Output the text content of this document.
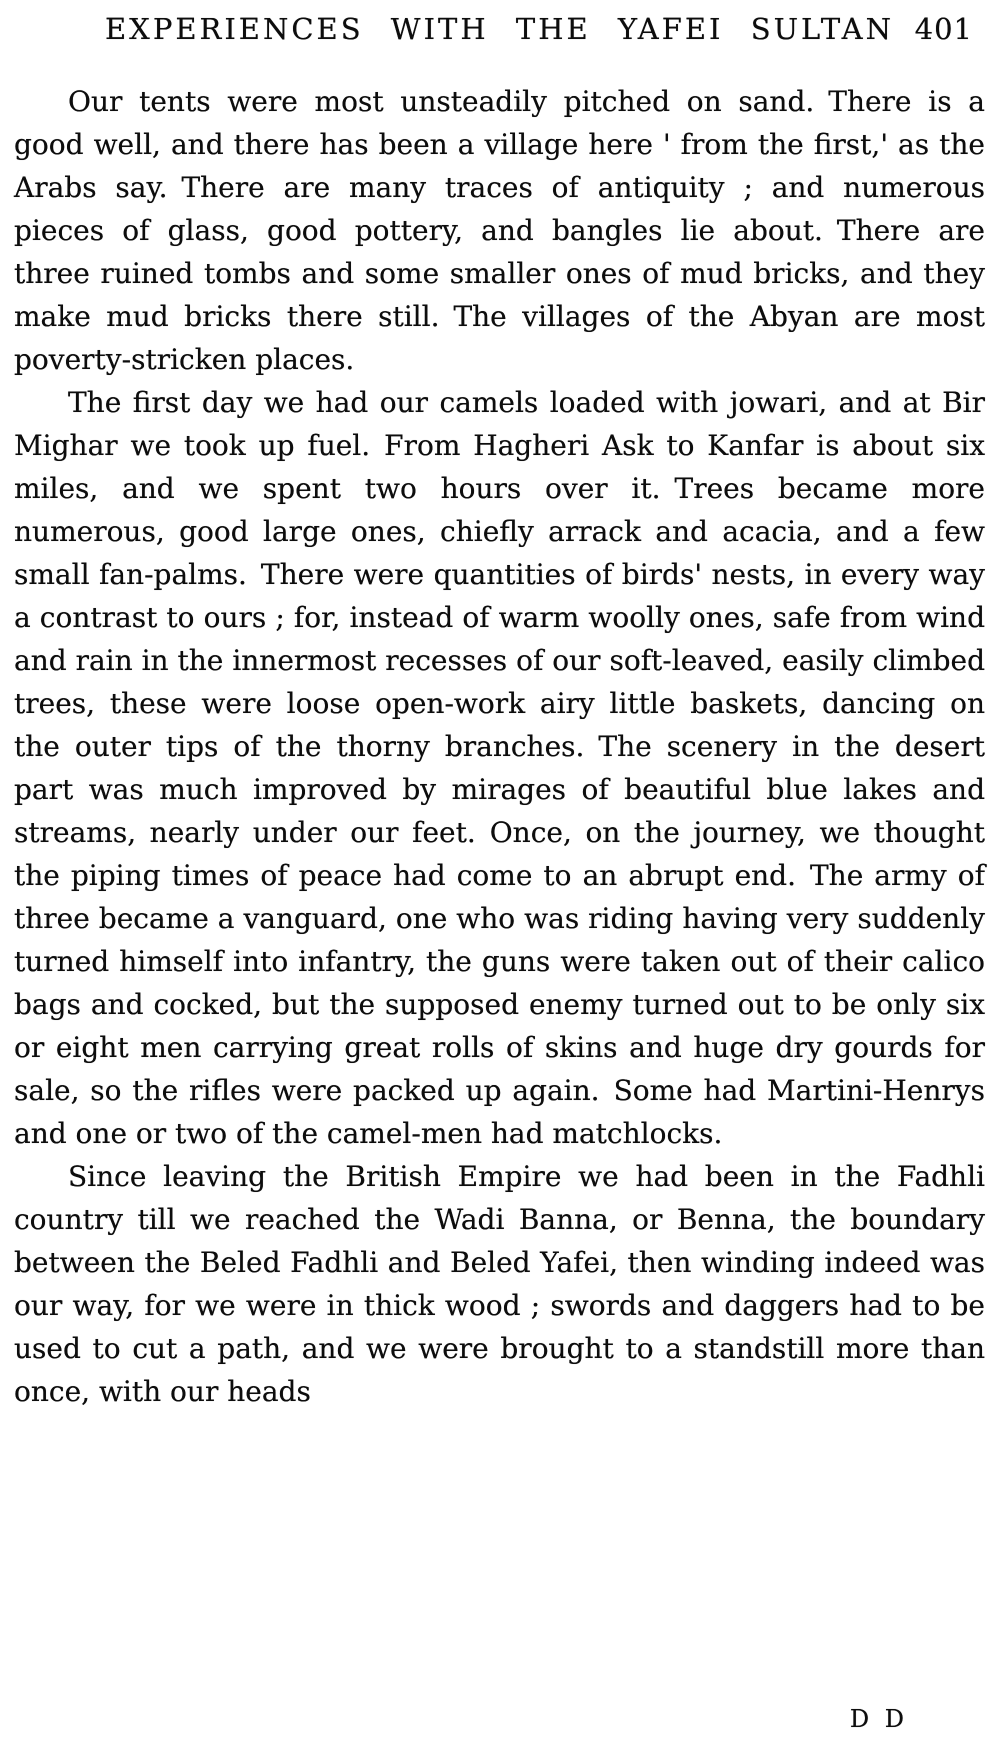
EXPERIENCES WITH THE YAFEI SULTAN 401

Our tents were most unsteadily pitched on sand. There is a good well, and there has been a village here ' from the first,' as the Arabs say. There are many traces of antiquity ; and numerous pieces of glass, good pottery, and bangles lie about. There are three ruined tombs and some smaller ones of mud bricks, and they make mud bricks there still. The villages of the Abyan are most poverty-stricken places.

The first day we had our camels loaded with jowari, and at Bir Mighar we took up fuel. From Hagheri Ask to Kanfar is about six miles, and we spent two hours over it. Trees became more numerous, good large ones, chiefly arrack and acacia, and a few small fan-palms. There were quantities of birds' nests, in every way a contrast to ours ; for, instead of warm woolly ones, safe from wind and rain in the innermost recesses of our soft-leaved, easily climbed trees, these were loose open-work airy little baskets, dancing on the outer tips of the thorny branches. The scenery in the desert part was much improved by mirages of beautiful blue lakes and streams, nearly under our feet. Once, on the journey, we thought the piping times of peace had come to an abrupt end. The army of three became a vanguard, one who was riding having very suddenly turned himself into infantry, the guns were taken out of their calico bags and cocked, but the supposed enemy turned out to be only six or eight men carrying great rolls of skins and huge dry gourds for sale, so the rifles were packed up again. Some had Martini-Henrys and one or two of the camel-men had matchlocks.

Since leaving the British Empire we had been in the Fadhli country till we reached the Wadi Banna, or Benna, the boundary between the Beled Fadhli and Beled Yafei, then winding indeed was our way, for we were in thick wood ; swords and daggers had to be used to cut a path, and we were brought to a standstill more than once, with our heads

D D
